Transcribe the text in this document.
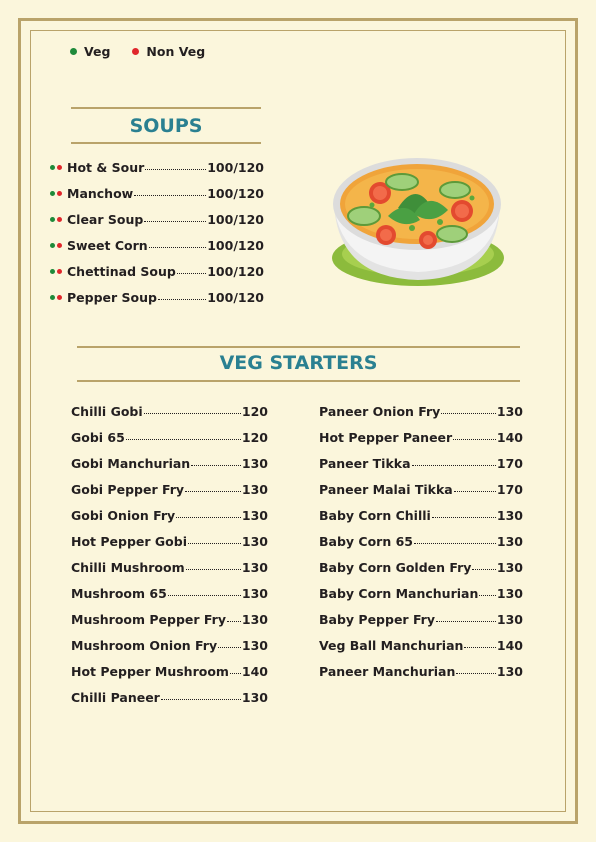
Veg	Non Veg
SOUPS
Hot & Sour	100/120
Manchow	100/120
Clear Soup	100/120
Sweet Corn	100/120
Chettinad Soup	100/120
Pepper Soup	100/120
VEG STARTERS
Chilli Gobi	120
Gobi 65	120
Gobi Manchurian	130
Gobi Pepper Fry	130
Gobi Onion Fry	130
Hot Pepper Gobi	130
Chilli Mushroom	130
Mushroom 65	130
Mushroom Pepper Fry 130
Mushroom Onion Fry 130
Hot Pepper Mushroom 140
Chilli Paneer	130
Paneer Onion Fry	130
Hot Pepper Paneer	140
Paneer Tikka	170
Paneer Malai Tikka	170
Baby Corn Chilli	130
Baby Corn 65	130
Baby Corn Golden Fry 130
Baby Corn Manchurian 130
Baby Pepper Fry	130
Veg Ball Manchurian	140
Paneer Manchurian	130
